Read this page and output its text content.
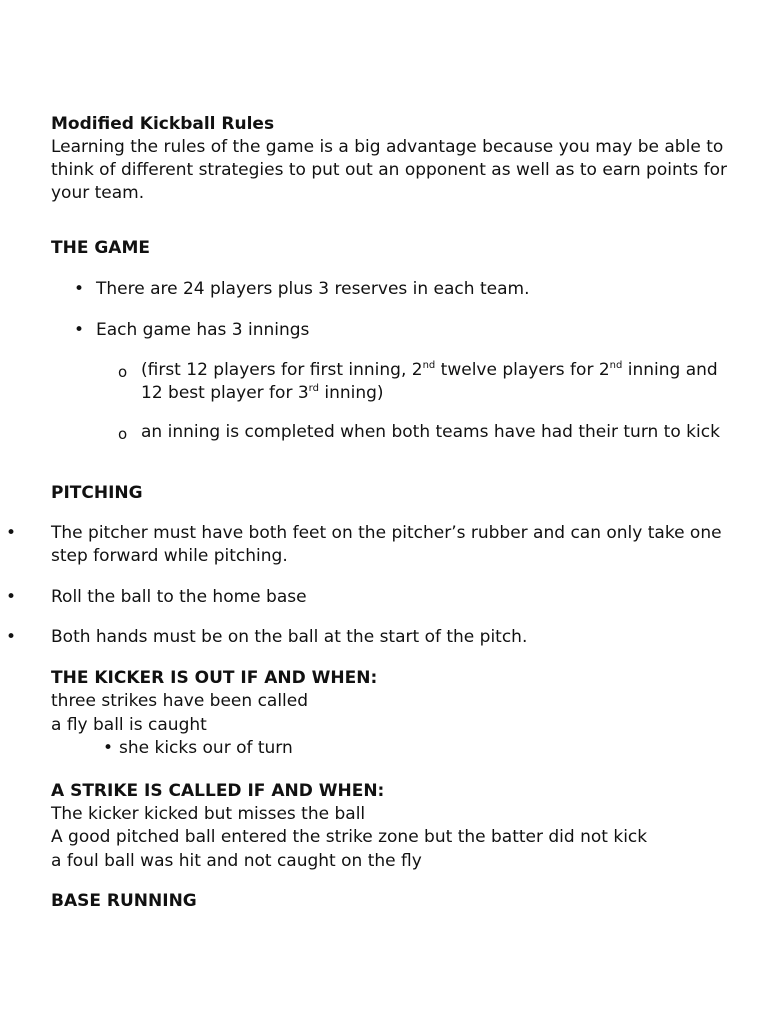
Modified Kickball Rules

Learning the rules of the game is a big advantage because you may be able to think of different strategies to put out an opponent as well as to earn points for your team.

THE GAME

• There are 24 players plus 3 reserves in each team.

• Each game has 3 innings

o (first 12 players for first inning, 2nd twelve players for 2nd inning and 12 best player for 3rd inning)

o an inning is completed when both teams have had their turn to kick

PITCHING

• The pitcher must have both feet on the pitcher’s rubber and can only take one step forward while pitching.

• Roll the ball to the home base

• Both hands must be on the ball at the start of the pitch.

THE KICKER IS OUT IF AND WHEN:

three strikes have been called

a fly ball is caught

• she kicks our of turn

A STRIKE IS CALLED IF AND WHEN:

The kicker kicked but misses the ball

A good pitched ball entered the strike zone but the batter did not kick

a foul ball was hit and not caught on the fly

BASE RUNNING
